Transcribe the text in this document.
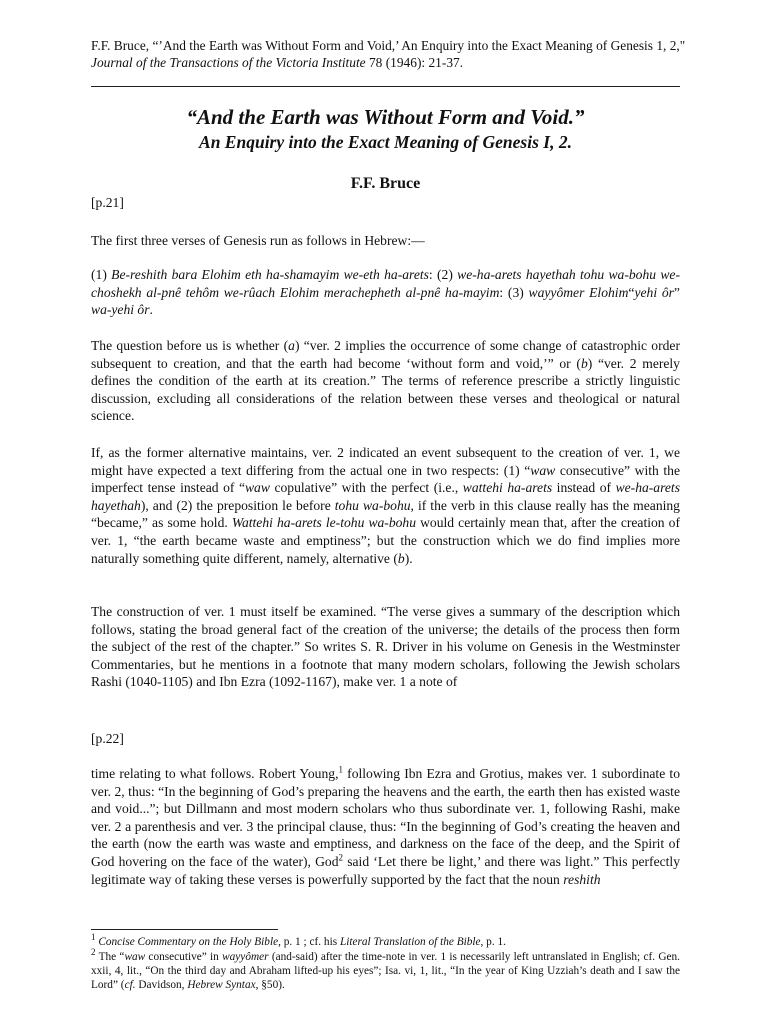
F.F. Bruce, “’And the Earth was Without Form and Void,’ An Enquiry into the Exact Meaning of Genesis 1, 2," Journal of the Transactions of the Victoria Institute 78 (1946): 21-37.
“And the Earth was Without Form and Void.”
An Enquiry into the Exact Meaning of Genesis I, 2.
F.F. Bruce
[p.21]
The first three verses of Genesis run as follows in Hebrew:—
(1) Be-reshith bara Elohim eth ha-shamayim we-eth ha-arets: (2) we-ha-arets hayethah tohu wa-bohu we-choshekh al-pnê tehôm we-rûach Elohim merachepheth al-pnê ha-mayim: (3) wayyômer Elohim“yehi ôr” wa-yehi ôr.
The question before us is whether (a) “ver. 2 implies the occurrence of some change of catastrophic order subsequent to creation, and that the earth had become ‘without form and void,’” or (b) “ver. 2 merely defines the condition of the earth at its creation.” The terms of reference prescribe a strictly linguistic discussion, excluding all considerations of the relation between these verses and theological or natural science.
If, as the former alternative maintains, ver. 2 indicated an event subsequent to the creation of ver. 1, we might have expected a text differing from the actual one in two respects: (1) “waw consecutive” with the imperfect tense instead of “waw copulative” with the perfect (i.e., wattehi ha-arets instead of we-ha-arets hayethah), and (2) the preposition le before tohu wa-bohu, if the verb in this clause really has the meaning “became,” as some hold. Wattehi ha-arets le-tohu wa-bohu would certainly mean that, after the creation of ver. 1, “the earth became waste and emptiness”; but the construction which we do find implies more naturally something quite different, namely, alternative (b).
The construction of ver. 1 must itself be examined. “The verse gives a summary of the description which follows, stating the broad general fact of the creation of the universe; the details of the process then form the subject of the rest of the chapter.” So writes S. R. Driver in his volume on Genesis in the Westminster Commentaries, but he mentions in a footnote that many modern scholars, following the Jewish scholars Rashi (1040-1105) and Ibn Ezra (1092-1167), make ver. 1 a note of
[p.22]
time relating to what follows. Robert Young,$^1$ following Ibn Ezra and Grotius, makes ver. 1 subordinate to ver. 2, thus: “In the beginning of God’s preparing the heavens and the earth, the earth then has existed waste and void...”; but Dillmann and most modern scholars who thus subordinate ver. 1, following Rashi, make ver. 2 a parenthesis and ver. 3 the principal clause, thus: “In the beginning of God’s creating the heaven and the earth (now the earth was waste and emptiness, and darkness on the face of the deep, and the Spirit of God hovering on the face of the water), God$^2$ said ‘Let there be light,’ and there was light.” This perfectly legitimate way of taking these verses is powerfully supported by the fact that the noun reshith
$^1$ Concise Commentary on the Holy Bible, p. 1 ; cf. his Literal Translation of the Bible, p. 1.
$^2$ The “waw consecutive” in wayyômer (and-said) after the time-note in ver. 1 is necessarily left untranslated in English; cf. Gen. xxii, 4, lit., “On the third day and Abraham lifted-up his eyes”; Isa. vi, 1, lit., “In the year of King Uzziah’s death and I saw the Lord” (cf. Davidson, Hebrew Syntax, §50).
